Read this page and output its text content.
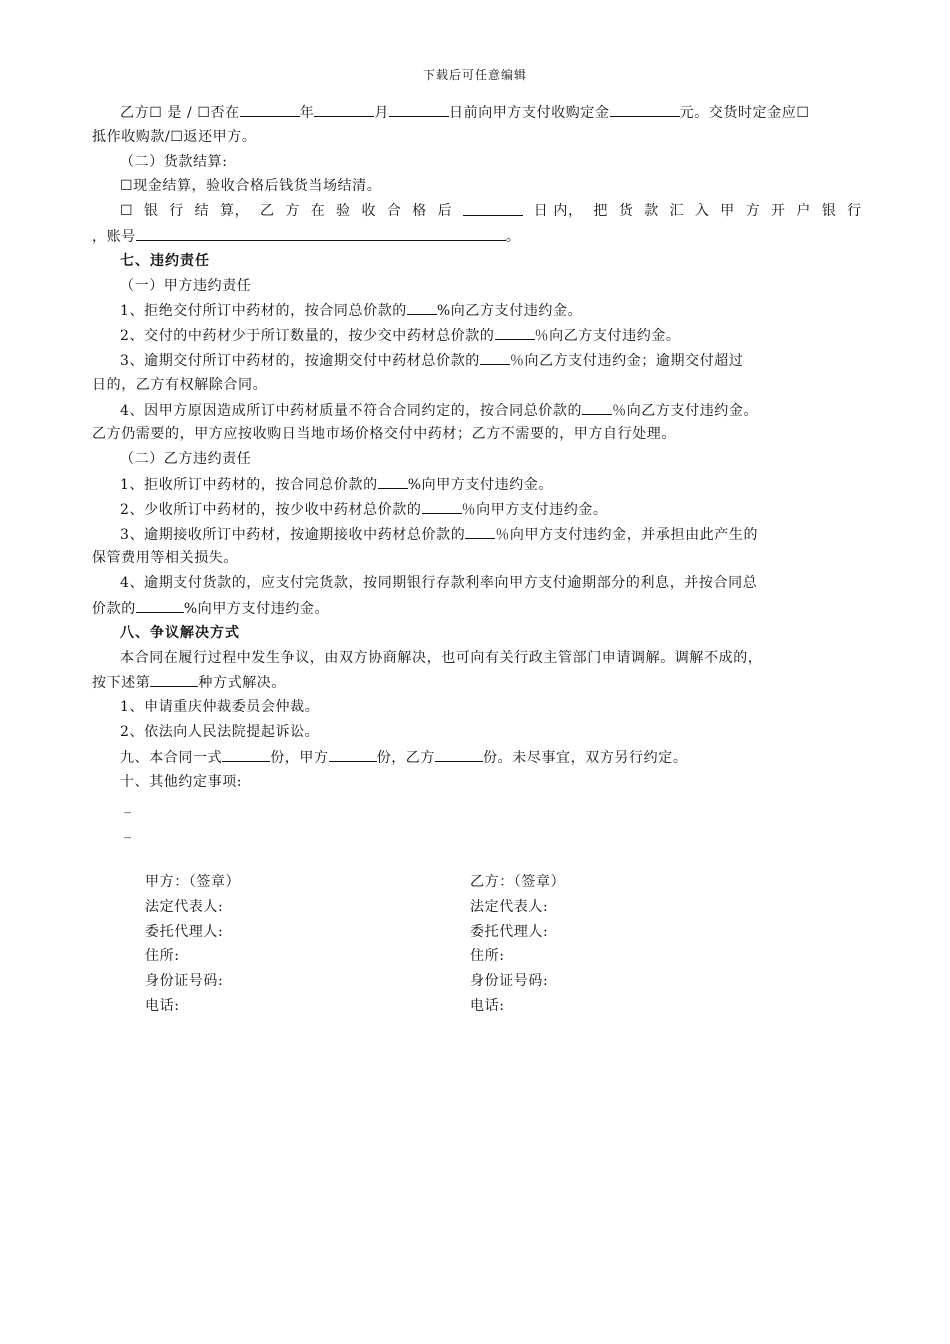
下载后可任意编辑
乙方☐ 是 / ☐否在	年	月	日前向甲方支付收购定金	元。交货时定金应☐
抵作收购款/☐返还甲方。
（二）货款结算:
☐现金结算，验收合格后钱货当场结清。
☐ 银 行 结 算， 乙 方 在 验 收 合 格 后	日 内， 把 货 款 汇 入 甲 方 开 户 银 行
，账号	。
七、违约责任
（一）甲方违约责任
1、拒绝交付所订中药材的，按合同总价款的 %向乙方支付违约金。
2、交付的中药材少于所订数量的，按少交中药材总价款的	％向乙方支付违约金。
3、逾期交付所订中药材的，按逾期交付中药材总价款的 ％向乙方支付违约金；逾期交付超过
日的，乙方有权解除合同。
4、因甲方原因造成所订中药材质量不符合合同约定的，按合同总价款的 ％向乙方支付违约金。
乙方仍需要的，甲方应按收购日当地市场价格交付中药材；乙方不需要的，甲方自行处理。
（二）乙方违约责任
1、拒收所订中药材的，按合同总价款的 %向甲方支付违约金。
2、少收所订中药材的，按少收中药材总价款的	％向甲方支付违约金。
3、逾期接收所订中药材，按逾期接收中药材总价款的 ％向甲方支付违约金，并承担由此产生的
保管费用等相关损失。
4、逾期支付货款的，应支付完货款，按同期银行存款利率向甲方支付逾期部分的利息，并按合同总
价款的	%向甲方支付违约金。
八、争议解决方式
本合同在履行过程中发生争议，由双方协商解决，也可向有关行政主管部门申请调解。调解不成的，
按下述第	种方式解决。
1、申请重庆仲裁委员会仲裁。
2、依法向人民法院提起诉讼。
九、本合同一式	份，甲方	份，乙方	份。未尽事宜，双方另行约定。
十、其他约定事项:
_
_
甲方：（签章）	乙方：（签章）
法定代表人:	法定代表人:
委托代理人:	委托代理人:
住所:	住所:
身份证号码:	身份证号码:
电话:	电话:
